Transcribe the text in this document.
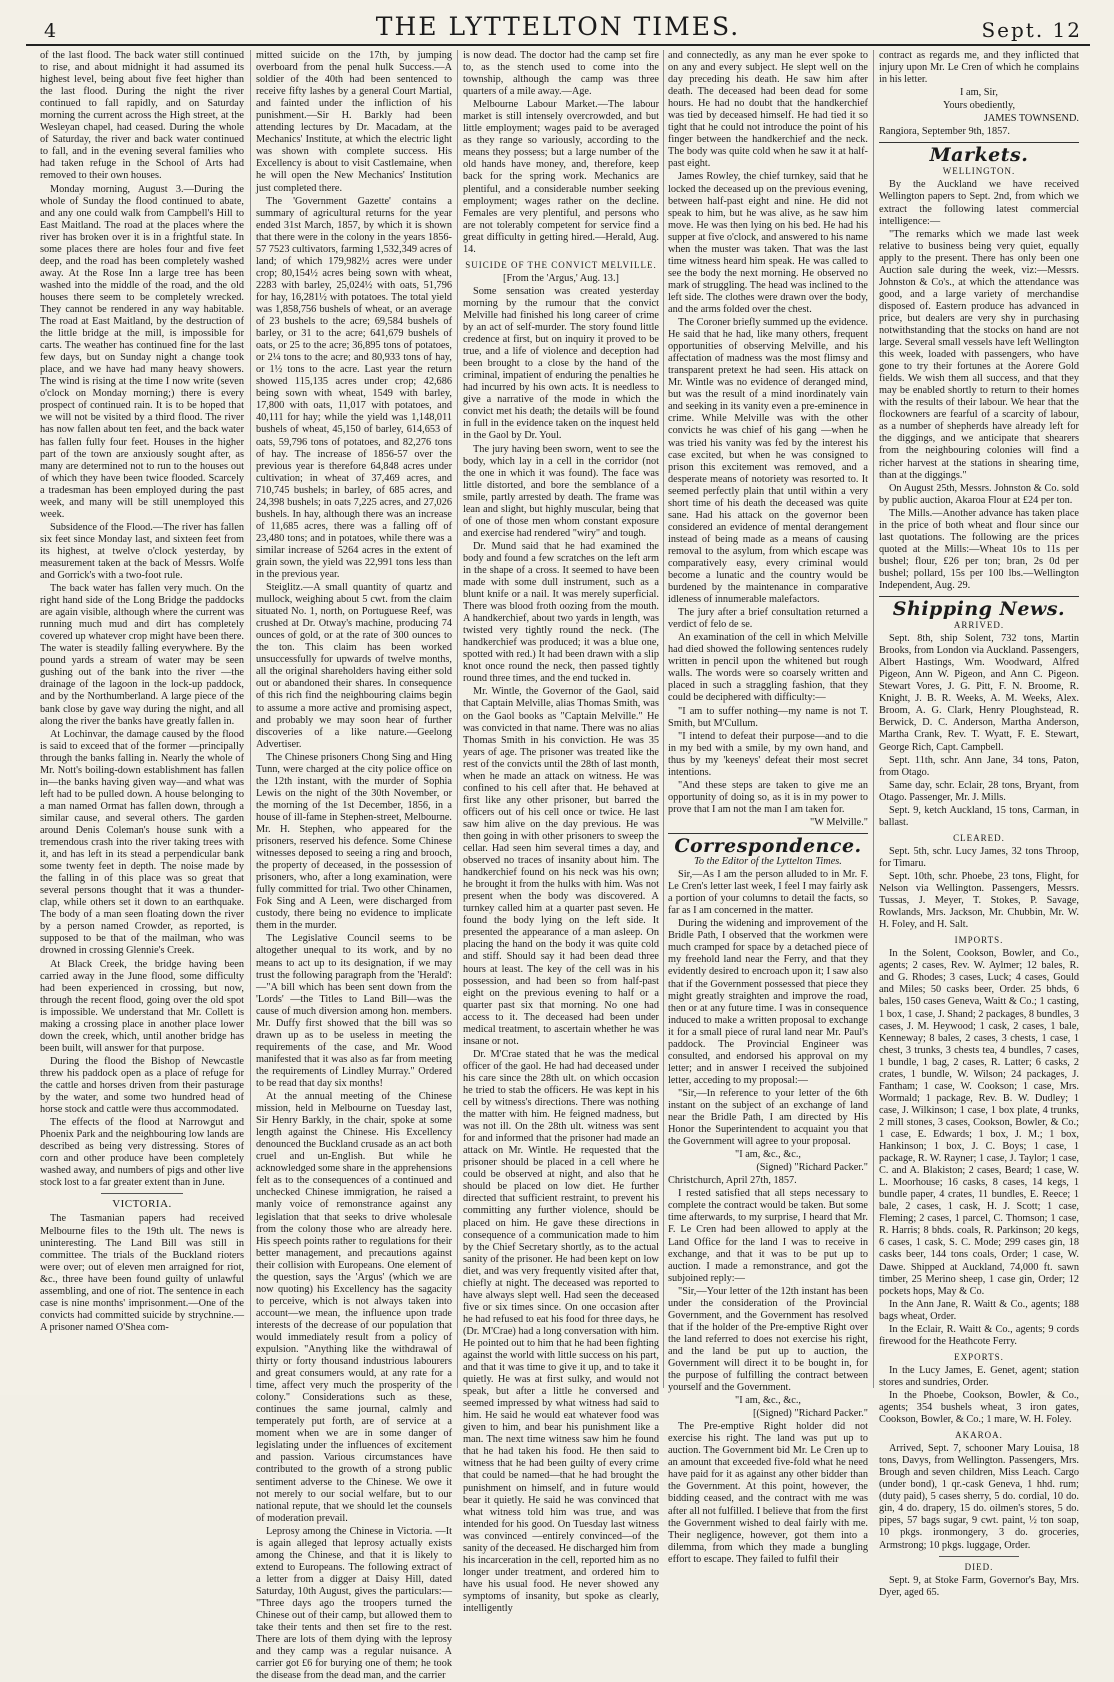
4	THE LYTTELTON TIMES.	Sept. 12

of the last flood. The back water still continued to rise, and about midnight it had assumed its highest level, being about five feet higher than the last flood. During the night the river continued to fall rapidly, and on Saturday morning the current across the High street, at the Wesleyan chapel, had ceased. During the whole of Saturday, the river and back water continued to fall, and in the evening several families who had taken refuge in the School of Arts had removed to their own houses.

Monday morning, August 3.—During the whole of Sunday the flood continued to abate, and any one could walk from Campbell's Hill to East Maitland. The road at the places where the river has broken over it is in a frightful state. In some places there are holes four and five feet deep, and the road has been completely washed away. At the Rose Inn a large tree has been washed into the middle of the road, and the old houses there seem to be completely wrecked. They cannot be rendered in any way habitable. The road at East Maitland, by the destruction of the little bridge at the mill, is impossible for carts. The weather has continued fine for the last few days, but on Sunday night a change took place, and we have had many heavy showers. The wind is rising at the time I now write (seven o'clock on Monday morning;) there is every prospect of continued rain. It is to be hoped that we will not be visited by a third flood. The river has now fallen about ten feet, and the back water has fallen fully four feet. Houses in the higher part of the town are anxiously sought after, as many are determined not to run to the houses out of which they have been twice flooded. Scarcely a tradesman has been employed during the past week, and many will be still unemployed this week.

Subsidence of the Flood.—The river has fallen six feet since Monday last, and sixteen feet from its highest, at twelve o'clock yesterday, by measurement taken at the back of Messrs. Wolfe and Gorrick's with a two-foot rule.

The back water has fallen very much. On the right hand side of the Long Bridge the paddocks are again visible, although where the current was running much mud and dirt has completely covered up whatever crop might have been there. The water is steadily falling everywhere. By the pound yards a stream of water may be seen gushing out of the bank into the river —the drainage of the lagoon in the lock-up paddock, and by the Northumberland. A large piece of the bank close by gave way during the night, and all along the river the banks have greatly fallen in.

At Lochinvar, the damage caused by the flood is said to exceed that of the former —principally through the banks falling in. Nearly the whole of Mr. Nott's boiling-down establishment has fallen in—the banks having given way—and what was left had to be pulled down. A house belonging to a man named Ormat has fallen down, through a similar cause, and several others. The garden around Denis Coleman's house sunk with a tremendous crash into the river taking trees with it, and has left in its stead a perpendicular bank some twenty feet in depth. The noise made by the falling in of this place was so great that several persons thought that it was a thunder-clap, while others set it down to an earthquake. The body of a man seen floating down the river by a person named Crowder, as reported, is supposed to be that of the mailman, who was drowned in crossing Glennie's Creek.

At Black Creek, the bridge having been carried away in the June flood, some difficulty had been experienced in crossing, but now, through the recent flood, going over the old spot is impossible. We understand that Mr. Collett is making a crossing place in another place lower down the creek, which, until another bridge has been built, will answer for that purpose.

During the flood the Bishop of Newcastle threw his paddock open as a place of refuge for the cattle and horses driven from their pasturage by the water, and some two hundred head of horse stock and cattle were thus accommodated.

The effects of the flood at Narrowgut and Phoenix Park and the neighbouring low lands are described as being very distressing. Stores of corn and other produce have been completely washed away, and numbers of pigs and other live stock lost to a far greater extent than in June.

VICTORIA.

The Tasmanian papers had received Melbourne files to the 19th ult. The news is uninteresting. The Land Bill was still in committee. The trials of the Buckland rioters were over; out of eleven men arraigned for riot, &c., three have been found guilty of unlawful assembling, and one of riot. The sentence in each case is nine months' imprisonment.—One of the convicts had committed suicide by strychnine.—A prisoner named O'Shea com-

mitted suicide on the 17th, by jumping overboard from the penal hulk Success.—A soldier of the 40th had been sentenced to receive fifty lashes by a general Court Martial, and fainted under the infliction of his punishment.—Sir H. Barkly had been attending lectures by Dr. Macadam, at the Mechanics' Institute, at which the electric light was shown with complete success. His Excellency is about to visit Castlemaine, when he will open the New Mechanics' Institution just completed there.

The 'Government Gazette' contains a summary of agricultural returns for the year ended 31st March, 1857, by which it is shown that there were in the colony in the years 1856-57 7523 cultivators, farming 1,532,349 acres of land; of which 179,982½ acres were under crop; 80,154½ acres being sown with wheat, 2283 with barley, 25,024½ with oats, 51,796 for hay, 16,281½ with potatoes. The total yield was 1,858,756 bushels of wheat, or an average of 23 bushels to the acre; 69,584 bushels of barley, or 31 to the acre; 641,679 bushels of oats, or 25 to the acre; 36,895 tons of potatoes, or 2¼ tons to the acre; and 80,933 tons of hay, or 1½ tons to the acre. Last year the return showed 115,135 acres under crop; 42,686 being sown with wheat, 1549 with barley, 17,800 with oats, 11,017 with potatoes, and 40,111 for hay; while the yield was 1,148,011 bushels of wheat, 45,150 of barley, 614,653 of oats, 59,796 tons of potatoes, and 82,276 tons of hay. The increase of 1856-57 over the previous year is therefore 64,848 acres under cultivation; in wheat of 37,469 acres, and 710,745 bushels; in barley, of 685 acres, and 24,398 bushels; in oats 7,225 acres, and 27,026 bushels. In hay, although there was an increase of 11,685 acres, there was a falling off of 23,480 tons; and in potatoes, while there was a similar increase of 5264 acres in the extent of grain sown, the yield was 22,991 tons less than in the previous year.

Steiglitz.—A small quantity of quartz and mullock, weighing about 5 cwt. from the claim situated No. 1, north, on Portuguese Reef, was crushed at Dr. Otway's machine, producing 74 ounces of gold, or at the rate of 300 ounces to the ton. This claim has been worked unsuccessfully for upwards of twelve months, all the original shareholders having either sold out or abandoned their shares. In consequence of this rich find the neighbouring claims begin to assume a more active and promising aspect, and probably we may soon hear of further discoveries of a like nature.—Geelong Advertiser.

The Chinese prisoners Chong Sing and Hing Tunn, were charged at the city police office on the 12th instant, with the murder of Sophia Lewis on the night of the 30th November, or the morning of the 1st December, 1856, in a house of ill-fame in Stephen-street, Melbourne. Mr. H. Stephen, who appeared for the prisoners, reserved his defence. Some Chinese witnesses deposed to seeing a ring and brooch, the property of deceased, in the possession of prisoners, who, after a long examination, were fully committed for trial. Two other Chinamen, Fok Sing and A Leen, were discharged from custody, there being no evidence to implicate them in the murder.

The Legislative Council seems to be altogether unequal to its work, and by no means to act up to its designation, if we may trust the following paragraph from the 'Herald':—"A bill which has been sent down from the 'Lords' —the Titles to Land Bill—was the cause of much diversion among hon. members. Mr. Duffy first showed that the bill was so drawn up as to be useless in meeting the requirements of the case, and Mr. Wood manifested that it was also as far from meeting the requirements of Lindley Murray." Ordered to be read that day six months!

At the annual meeting of the Chinese mission, held in Melbourne on Tuesday last, Sir Henry Barkly, in the chair, spoke at some length against the Chinese. His Excellency denounced the Buckland crusade as an act both cruel and un-English. But while he acknowledged some share in the apprehensions felt as to the consequences of a continued and unchecked Chinese immigration, he raised a manly voice of remonstrance against any legislation that that seeks to drive wholesale from the colony those who are already here. His speech points rather to regulations for their better management, and precautions against their collision with Europeans. One element of the question, says the 'Argus' (which we are now quoting) his Excellency has the sagacity to perceive, which is not always taken into account—we mean, the influence upon trade interests of the decrease of our population that would immediately result from a policy of expulsion. "Anything like the withdrawal of thirty or forty thousand industrious labourers and great consumers would, at any rate for a time, affect very much the prosperity of the colony." Considerations such as these, continues the same journal, calmly and temperately put forth, are of service at a moment when we are in some danger of legislating under the influences of excitement and passion. Various circumstances have contributed to the growth of a strong public sentiment adverse to the Chinese. We owe it not merely to our social welfare, but to our national repute, that we should let the counsels of moderation prevail.

Leprosy among the Chinese in Victoria. —It is again alleged that leprosy actually exists among the Chinese, and that it is likely to extend to Europeans. The following extract of a letter from a digger at Daisy Hill, dated Saturday, 10th August, gives the particulars:— "Three days ago the troopers turned the Chinese out of their camp, but allowed them to take their tents and then set fire to the rest. There are lots of them dying with the leprosy and they camp was a regular nuisance. A carrier got £6 for burying one of them; he took the disease from the dead man, and the carrier

is now dead. The doctor had the camp set fire to, as the stench used to come into the township, although the camp was three quarters of a mile away.—Age.

Melbourne Labour Market.—The labour market is still intensely overcrowded, and but little employment; wages paid to be averaged as they range so variously, according to the means they possess; but a large number of the old hands have money, and, therefore, keep back for the spring work. Mechanics are plentiful, and a considerable number seeking employment; wages rather on the decline. Females are very plentiful, and persons who are not tolerably competent for service find a great difficulty in getting hired.—Herald, Aug. 14.

SUICIDE OF THE CONVICT MELVILLE.

[From the 'Argus,' Aug. 13.]

Some sensation was created yesterday morning by the rumour that the convict Melville had finished his long career of crime by an act of self-murder. The story found little credence at first, but on inquiry it proved to be true, and a life of violence and deception had been brought to a close by the hand of the criminal, impatient of enduring the penalties he had incurred by his own acts. It is needless to give a narrative of the mode in which the convict met his death; the details will be found in full in the evidence taken on the inquest held in the Gaol by Dr. Youl.

The jury having been sworn, went to see the body, which lay in a cell in the corridor (not the one in which it was found). The face was little distorted, and bore the semblance of a smile, partly arrested by death. The frame was lean and slight, but highly muscular, being that of one of those men whom constant exposure and exercise had rendered "wiry" and tough.

Dr. Mund said that he had examined the body and found a few scratches on the left arm in the shape of a cross. It seemed to have been made with some dull instrument, such as a blunt knife or a nail. It was merely superficial. There was blood froth oozing from the mouth. A handkerchief, about two yards in length, was twisted very tightly round the neck. (The handkerchief was produced; it was a blue one, spotted with red.) It had been drawn with a slip knot once round the neck, then passed tightly round three times, and the end tucked in.

Mr. Wintle, the Governor of the Gaol, said that Captain Melville, alias Thomas Smith, was on the Gaol books as "Captain Melville." He was convicted in that name. There was no alias Thomas Smith in his conviction. He was 35 years of age. The prisoner was treated like the rest of the convicts until the 28th of last month, when he made an attack on witness. He was confined to his cell after that. He behaved at first like any other prisoner, but barred the officers out of his cell once or twice. He last saw him alive on the day previous. He was then going in with other prisoners to sweep the cellar. Had seen him several times a day, and observed no traces of insanity about him. The handkerchief found on his neck was his own; he brought it from the hulks with him. Was not present when the body was discovered. A turnkey called him at a quarter past seven. He found the body lying on the left side. It presented the appearance of a man asleep. On placing the hand on the body it was quite cold and stiff. Should say it had been dead three hours at least. The key of the cell was in his possession, and had been so from half-past eight on the previous evening to half or a quarter past six that morning. No one had access to it. The deceased had been under medical treatment, to ascertain whether he was insane or not.

Dr. M'Crae stated that he was the medical officer of the gaol. He had had deceased under his care since the 28th ult. on which occasion he tried to stab the officers. He was kept in his cell by witness's directions. There was nothing the matter with him. He feigned madness, but was not ill. On the 28th ult. witness was sent for and informed that the prisoner had made an attack on Mr. Wintle. He requested that the prisoner should be placed in a cell where he could be observed at night, and also that he should be placed on low diet. He further directed that sufficient restraint, to prevent his committing any further violence, should be placed on him. He gave these directions in consequence of a communication made to him by the Chief Secretary shortly, as to the actual sanity of the prisoner. He had been kept on low diet, and was very frequently visited after that, chiefly at night. The deceased was reported to have always slept well. Had seen the deceased five or six times since. On one occasion after he had refused to eat his food for three days, he (Dr. M'Crae) had a long conversation with him. He pointed out to him that he had been fighting against the world with little success on his part, and that it was time to give it up, and to take it quietly. He was at first sulky, and would not speak, but after a little he conversed and seemed impressed by what witness had said to him. He said he would eat whatever food was given to him, and bear his punishment like a man. The next time witness saw him he found that he had taken his food. He then said to witness that he had been guilty of every crime that could be named—that he had brought the punishment on himself, and in future would bear it quietly. He said he was convinced that what witness told him was true, and was intended for his good. On Tuesday last witness was convinced —entirely convinced—of the sanity of the deceased. He discharged him from his incarceration in the cell, reported him as no longer under treatment, and ordered him to have his usual food. He never showed any symptoms of insanity, but spoke as clearly, intelligently

and connectedly, as any man he ever spoke to on any and every subject. He slept well on the day preceding his death. He saw him after death. The deceased had been dead for some hours. He had no doubt that the handkerchief was tied by deceased himself. He had tied it so tight that he could not introduce the point of his finger between the handkerchief and the neck. The body was quite cold when he saw it at half-past eight.

James Rowley, the chief turnkey, said that he locked the deceased up on the previous evening, between half-past eight and nine. He did not speak to him, but he was alive, as he saw him move. He was then lying on his bed. He had his supper at five o'clock, and answered to his name when the muster was taken. That was the last time witness heard him speak. He was called to see the body the next morning. He observed no mark of struggling. The head was inclined to the left side. The clothes were drawn over the body, and the arms folded over the chest.

The Coroner briefly summed up the evidence. He said that he had, like many others, frequent opportunities of observing Melville, and his affectation of madness was the most flimsy and transparent pretext he had seen. His attack on Mr. Wintle was no evidence of deranged mind, but was the result of a mind inordinately vain and seeking in its vanity even a pre-eminence in crime. While Melville was with the other convicts he was chief of his gang —when he was tried his vanity was fed by the interest his case excited, but when he was consigned to prison this excitement was removed, and a desperate means of notoriety was resorted to. It seemed perfectly plain that until within a very short time of his death the deceased was quite sane. Had his attack on the governor been considered an evidence of mental derangement instead of being made as a means of causing removal to the asylum, from which escape was comparatively easy, every criminal would become a lunatic and the country would be burdened by the maintenance in comparative idleness of innumerable malefactors.

The jury after a brief consultation returned a verdict of felo de se.

An examination of the cell in which Melville had died showed the following sentences rudely written in pencil upon the whitened but rough walls. The words were so coarsely written and placed in such a straggling fashion, that they could be deciphered with difficulty:—

"I am to suffer nothing—my name is not T. Smith, but M'Cullum.

"I intend to defeat their purpose—and to die in my bed with a smile, by my own hand, and thus by my 'keeneys' defeat their most secret intentions.

"And these steps are taken to give me an opportunity of doing so, as it is in my power to prove that I am not the man I am taken for.

"W Melville."

Correspondence.

To the Editor of the Lyttelton Times.

Sir,—As I am the person alluded to in Mr. F. Le Cren's letter last week, I feel I may fairly ask a portion of your columns to detail the facts, so far as I am concerned in the matter.

During the widening and improvement of the Bridle Path, I observed that the workmen were much cramped for space by a detached piece of my freehold land near the Ferry, and that they evidently desired to encroach upon it; I saw also that if the Government possessed that piece they might greatly straighten and improve the road, then or at any future time. I was in consequence induced to make a written proposal to exchange it for a small piece of rural land near Mr. Paul's paddock. The Provincial Engineer was consulted, and endorsed his approval on my letter; and in answer I received the subjoined letter, acceding to my proposal:—

"Sir,—In reference to your letter of the 6th instant on the subject of an exchange of land near the Bridle Path, I am directed by His Honor the Superintendent to acquaint you that the Government will agree to your proposal.

"I am, &c., &c.,

(Signed) "Richard Packer."

Christchurch, April 27th, 1857.

I rested satisfied that all steps necessary to complete the contract would be taken. But some time afterwards, to my surprise, I heard that Mr. F. Le Cren had been allowed to apply at the Land Office for the land I was to receive in exchange, and that it was to be put up to auction. I made a remonstrance, and got the subjoined reply:—

"Sir,—Your letter of the 12th instant has been under the consideration of the Provincial Government, and the Government has resolved that if the holder of the Pre-emptive Right over the land referred to does not exercise his right, and the land be put up to auction, the Government will direct it to be bought in, for the purpose of fulfilling the contract between yourself and the Government.

"I am, &c., &c.,

[(Signed) "Richard Packer."

The Pre-emptive Right holder did not exercise his right. The land was put up to auction. The Government bid Mr. Le Cren up to an amount that exceeded five-fold what he need have paid for it as against any other bidder than the Government. At this point, however, the bidding ceased, and the contract with me was after all not fulfilled. I believe that from the first the Government wished to deal fairly with me. Their negligence, however, got them into a dilemma, from which they made a bungling effort to escape. They failed to fulfil their

contract as regards me, and they inflicted that injury upon Mr. Le Cren of which he complains in his letter.

I am, Sir,

Yours obediently,

JAMES TOWNSEND.

Rangiora, September 9th, 1857.

Markets.
WELLINGTON.

By the Auckland we have received Wellington papers to Sept. 2nd, from which we extract the following latest commercial intelligence:—

"The remarks which we made last week relative to business being very quiet, equally apply to the present. There has only been one Auction sale during the week, viz:—Messrs. Johnston & Co's., at which the attendance was good, and a large variety of merchandise disposed of. Eastern produce has advanced in price, but dealers are very shy in purchasing notwithstanding that the stocks on hand are not large. Several small vessels have left Wellington this week, loaded with passengers, who have gone to try their fortunes at the Aorere Gold fields. We wish them all success, and that they may be enabled shortly to return to their homes with the results of their labour. We hear that the flockowners are fearful of a scarcity of labour, as a number of shepherds have already left for the diggings, and we anticipate that shearers from the neighbouring colonies will find a richer harvest at the stations in shearing time, than at the diggings."

On August 25th, Messrs. Johnston & Co. sold by public auction, Akaroa Flour at £24 per ton.

The Mills.—Another advance has taken place in the price of both wheat and flour since our last quotations. The following are the prices quoted at the Mills:—Wheat 10s to 11s per bushel; flour, £26 per ton; bran, 2s 0d per bushel; pollard, 15s per 100 lbs.—Wellington Independent, Aug. 29.

Shipping News.
ARRIVED.

Sept. 8th, ship Solent, 732 tons, Martin Brooks, from London via Auckland. Passengers, Albert Hastings, Wm. Woodward, Alfred Pigeon, Ann W. Pigeon, and Ann C. Pigeon. Stewart Vores, J. G. Pitt, F. N. Broome, R. Knight, J. B. R. Weeks, A. M. Weeks, Alex. Broom, A. G. Clark, Henry Ploughstead, R. Berwick, D. C. Anderson, Martha Anderson, Martha Crank, Rev. T. Wyatt, F. E. Stewart, George Rich, Capt. Campbell.

Sept. 11th, schr. Ann Jane, 34 tons, Paton, from Otago.

Same day, schr. Eclair, 28 tons, Bryant, from Otago. Passenger, Mr. J. Mills.

Sept. 9, ketch Auckland, 15 tons, Carman, in ballast.

CLEARED.

Sept. 5th, schr. Lucy James, 32 tons Throop, for Timaru.

Sept. 10th, schr. Phoebe, 23 tons, Flight, for Nelson via Wellington. Passengers, Messrs. Tussas, J. Meyer, T. Stokes, P. Savage, Rowlands, Mrs. Jackson, Mr. Chubbin, Mr. W. H. Foley, and H. Salt.

IMPORTS.

In the Solent, Cookson, Bowler, and Co., agents; 2 cases, Rev. W. Aylmer; 12 bales, R. and G. Rhodes; 3 cases, Luck; 4 cases, Gould and Miles; 50 casks beer, Order. 25 bhds, 6 bales, 150 cases Geneva, Waitt & Co.; 1 casting, 1 box, 1 case, J. Shand; 2 packages, 8 bundles, 3 cases, J. M. Heywood; 1 cask, 2 cases, 1 bale, Kenneway; 8 bales, 2 cases, 3 chests, 1 case, 1 chest, 3 trunks, 3 chests tea, 4 bundles, 7 cases, 1 bundle, 1 bag, 2 cases, R. Latter; 6 casks, 2 crates, 1 bundle, W. Wilson; 24 packages, J. Fantham; 1 case, W. Cookson; 1 case, Mrs. Wormald; 1 package, Rev. B. W. Dudley; 1 case, J. Wilkinson; 1 case, 1 box plate, 4 trunks, 2 mill stones, 3 cases, Cookson, Bowler, & Co.; 1 case, E. Edwards; 1 box, J. M.; 1 box, Hankinson; 1 box, J. C. Boys; 1 case, 1 package, R. W. Rayner; 1 case, J. Taylor; 1 case, C. and A. Blakiston; 2 cases, Beard; 1 case, W. L. Moorhouse; 16 casks, 8 cases, 14 kegs, 1 bundle paper, 4 crates, 11 bundles, E. Reece; 1 bale, 2 cases, 1 cask, H. J. Scott; 1 case, Fleming; 2 cases, 1 parcel, C. Thomson; 1 case, R. Harris; 8 bhds. coals, R. Parkinson; 20 kegs, 6 cases, 1 cask, S. C. Mode; 299 cases gin, 18 casks beer, 144 tons coals, Order; 1 case, W. Dawe. Shipped at Auckland, 74,000 ft. sawn timber, 25 Merino sheep, 1 case gin, Order; 12 pockets hops, May & Co.

In the Ann Jane, R. Waitt & Co., agents; 188 bags wheat, Order.

In the Eclair, R. Waitt & Co., agents; 9 cords firewood for the Heathcote Ferry.

EXPORTS.

In the Lucy James, E. Genet, agent; station stores and sundries, Order.

In the Phoebe, Cookson, Bowler, & Co., agents; 354 bushels wheat, 3 iron gates, Cookson, Bowler, & Co.; 1 mare, W. H. Foley.

AKAROA.

Arrived, Sept. 7, schooner Mary Louisa, 18 tons, Davys, from Wellington. Passengers, Mrs. Brough and seven children, Miss Leach. Cargo (under bond), 1 qr.-cask Geneva, 1 hhd. rum; (duty paid), 5 cases sherry, 5 do. cordial, 10 do. gin, 4 do. drapery, 15 do. oilmen's stores, 5 do. pipes, 57 bags sugar, 9 cwt. paint, ½ ton soap, 10 pkgs. ironmongery, 3 do. groceries, Armstrong; 10 pkgs. luggage, Order.

DIED.

Sept. 9, at Stoke Farm, Governor's Bay, Mrs. Dyer, aged 65.
